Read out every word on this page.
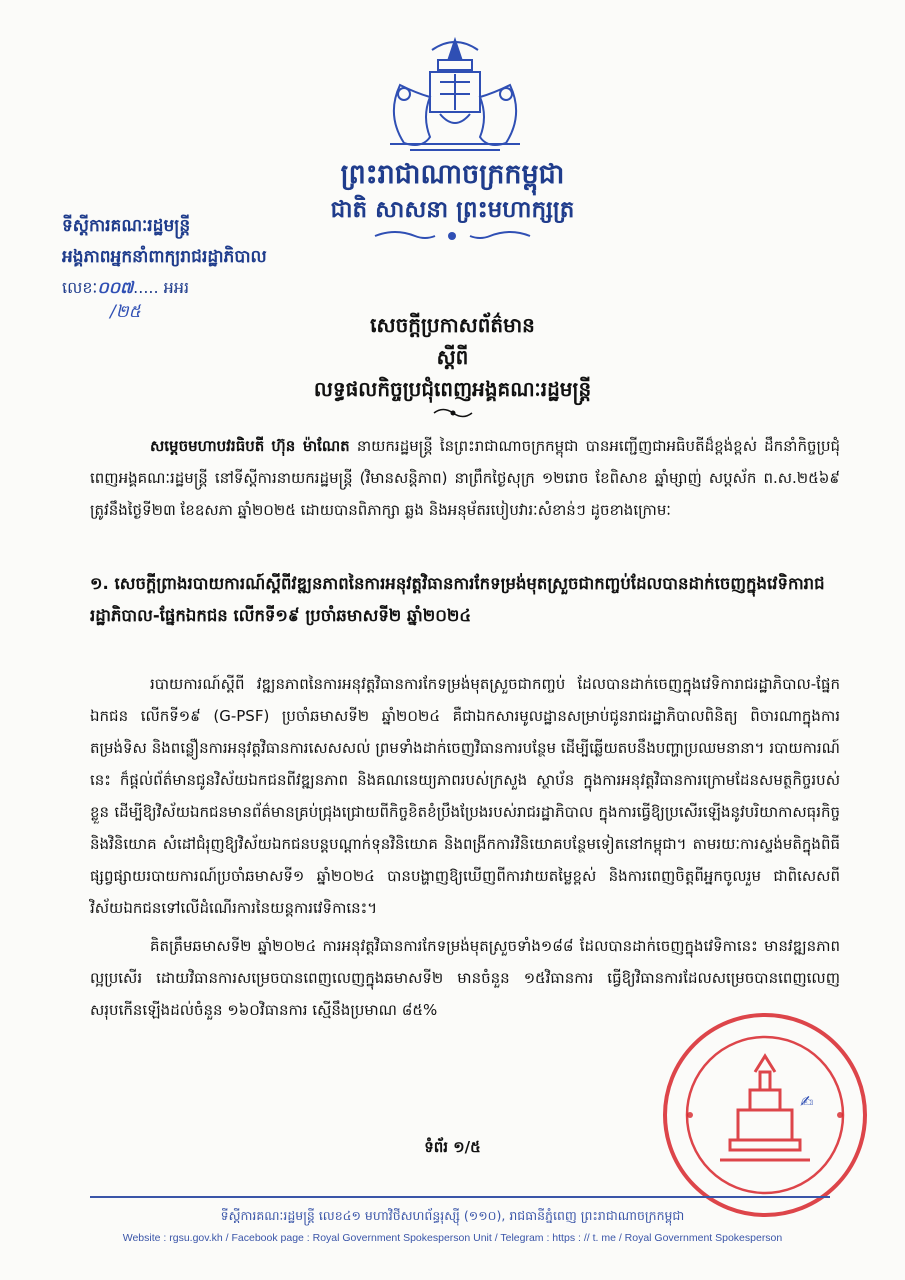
ព្រះរាជាណាចក្រកម្ពុជា
ជាតិ សាសនា ព្រះមហាក្សត្រ
ទីស្តីការគណៈរដ្ឋមន្ត្រី
អង្គភាពអ្នកនាំពាក្យរាជរដ្ឋាភិបាល
លេខៈ០០៧..... អអរ
/២៥
សេចក្តីប្រកាសព័ត៌មាន
ស្តីពី
លទ្ធផលកិច្ចប្រជុំពេញអង្គគណៈរដ្ឋមន្ត្រី
សម្តេចមហាបវរធិបតី ហ៊ុន ម៉ាណែត នាយករដ្ឋមន្ត្រី នៃព្រះរាជាណាចក្រកម្ពុជា បានអញ្ជើញជាអធិបតីដ៏ខ្ពង់ខ្ពស់ ដឹកនាំកិច្ចប្រជុំពេញអង្គគណៈរដ្ឋមន្ត្រី នៅទីស្តីការនាយករដ្ឋមន្ត្រី (វិមានសន្តិភាព) នាព្រឹកថ្ងៃសុក្រ ១២រោច ខែពិសាខ ឆ្នាំម្សាញ់ សប្តស័ក ព.ស.២៥៦៩ ត្រូវនឹងថ្ងៃទី២៣ ខែឧសភា ឆ្នាំ២០២៥ ដោយបានពិភាក្សា ឆ្លង និងអនុម័តរបៀបវារៈសំខាន់ៗ ដូចខាងក្រោមៈ
១. សេចក្តីព្រាងរបាយការណ៍ស្តីពីវឌ្ឍនភាពនៃការអនុវត្តវិធានការកែទម្រង់មុតស្រួចជាកញ្ចប់ដែលបានដាក់ចេញក្នុងវេទិការាជរដ្ឋាភិបាល-ផ្នែកឯកជន លើកទី១៩ ប្រចាំឆមាសទី២ ឆ្នាំ២០២៤
របាយការណ៍ស្តីពី វឌ្ឍនភាពនៃការអនុវត្តវិធានការកែទម្រង់មុតស្រួចជាកញ្ចប់ ដែលបានដាក់ចេញក្នុងវេទិការាជរដ្ឋាភិបាល-ផ្នែកឯកជន លើកទី១៩ (G-PSF) ប្រចាំឆមាសទី២ ឆ្នាំ២០២៤ គឺជាឯកសារមូលដ្ឋានសម្រាប់ជូនរាជរដ្ឋាភិបាលពិនិត្យ ពិចារណាក្នុងការតម្រង់ទិស និងពន្លឿនការអនុវត្តវិធានការសេសសល់ ព្រមទាំងដាក់ចេញវិធានការបន្ថែម ដើម្បីឆ្លើយតបនឹងបញ្ហាប្រឈមនានា។ របាយការណ៍នេះ ក៏ផ្តល់ព័ត៌មានជូនវិស័យឯកជនពីវឌ្ឍនភាព និងគណនេយ្យភាពរបស់ក្រសួង ស្ថាប័ន ក្នុងការអនុវត្តវិធានការក្រោមដែនសមត្ថកិច្ចរបស់ខ្លួន ដើម្បីឱ្យវិស័យឯកជនមានព័ត៌មានគ្រប់ជ្រុងជ្រោយពីកិច្ចខិតខំប្រឹងប្រែងរបស់រាជរដ្ឋាភិបាល ក្នុងការធ្វើឱ្យប្រសើរឡើងនូវបរិយាកាសធុរកិច្ចនិងវិនិយោគ សំដៅជំរុញឱ្យវិស័យឯកជនបន្តបណ្តាក់ទុនវិនិយោគ និងពង្រីកការវិនិយោគបន្ថែមទៀតនៅកម្ពុជា។ តាមរយៈការស្ទង់មតិក្នុងពិធីផ្សព្វផ្សាយរបាយការណ៍ប្រចាំឆមាសទី១ ឆ្នាំ២០២៤ បានបង្ហាញឱ្យឃើញពីការវាយតម្លៃខ្ពស់ និងការពេញចិត្តពីអ្នកចូលរួម ជាពិសេសពីវិស័យឯកជនទៅលើដំណើរការនៃយន្តការវេទិកានេះ។
គិតត្រឹមឆមាសទី២ ឆ្នាំ២០២៤ ការអនុវត្តវិធានការកែទម្រង់មុតស្រួចទាំង១៨៨ ដែលបានដាក់ចេញក្នុងវេទិកានេះ មានវឌ្ឍនភាពល្អប្រសើរ ដោយវិធានការសម្រេចបានពេញលេញក្នុងឆមាសទី២ មានចំនួន ១៥វិធានការ ធ្វើឱ្យវិធានការដែលសម្រេចបានពេញលេញ សរុបកើនឡើងដល់ចំនួន ១៦០វិធានការ ស្មើនឹងប្រមាណ ៨៥%
ទំព័រ ១/៥
✍
ទីស្តីការគណៈរដ្ឋមន្ត្រី លេខ៤១ មហាវិថីសហព័ន្ធរុស្ស៊ី (១១០), រាជធានីភ្នំពេញ ព្រះរាជាណាចក្រកម្ពុជា
Website : rgsu.gov.kh / Facebook page : Royal Government Spokesperson Unit / Telegram : https : // t. me / Royal Government Spokesperson
